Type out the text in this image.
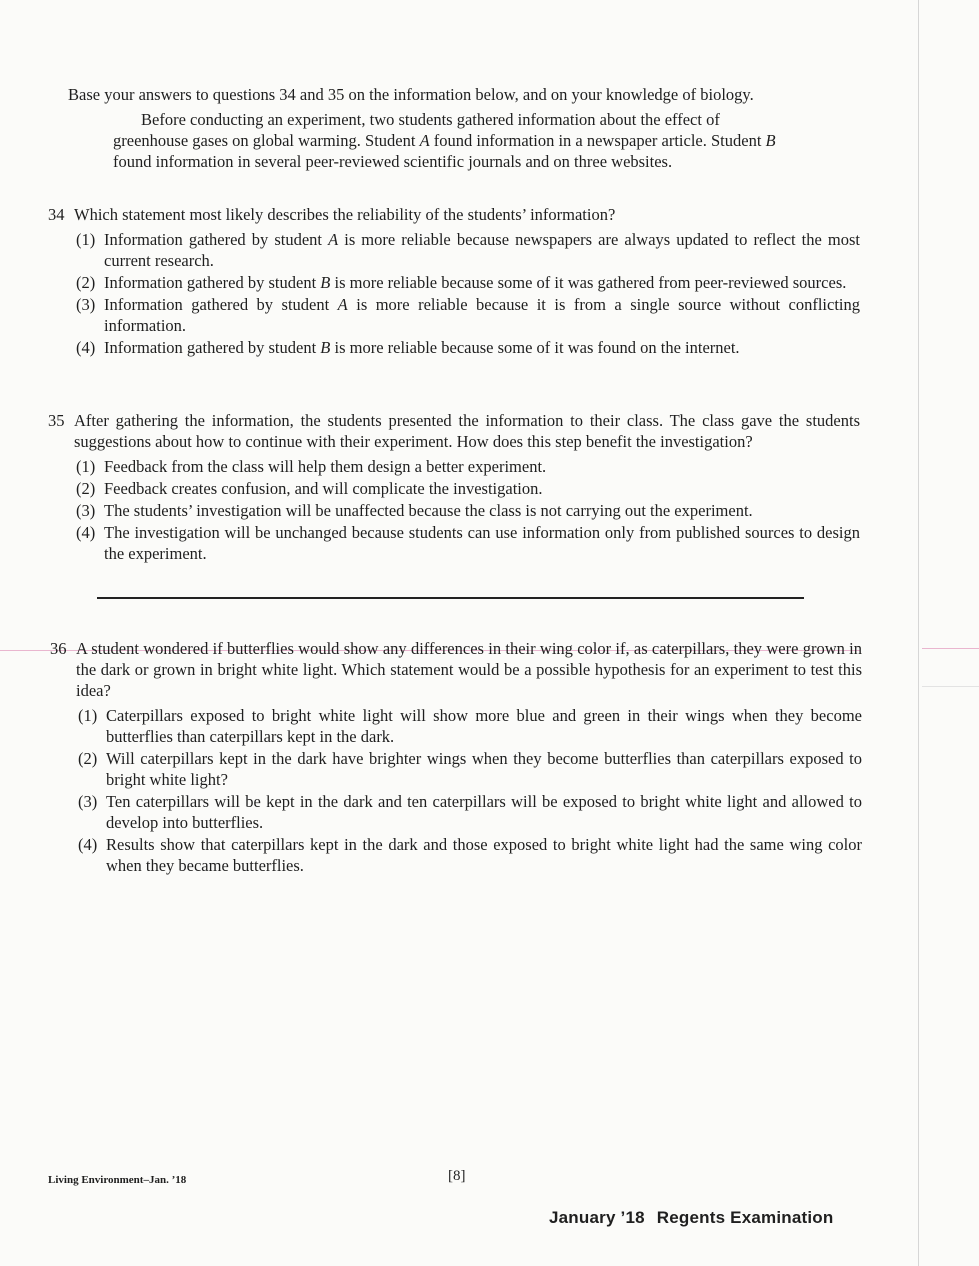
Base your answers to questions 34 and 35 on the information below, and on your knowledge of biology.
Before conducting an experiment, two students gathered information about the effect of greenhouse gases on global warming. Student A found information in a newspaper article. Student B found information in several peer-reviewed scientific journals and on three websites.
34 Which statement most likely describes the reliability of the students’ information?
(1) Information gathered by student A is more reliable because newspapers are always updated to reflect the most current research.
(2) Information gathered by student B is more reliable because some of it was gathered from peer-reviewed sources.
(3) Information gathered by student A is more reliable because it is from a single source without conflicting information.
(4) Information gathered by student B is more reliable because some of it was found on the internet.
35 After gathering the information, the students presented the information to their class. The class gave the students suggestions about how to continue with their experiment. How does this step benefit the investigation?
(1) Feedback from the class will help them design a better experiment.
(2) Feedback creates confusion, and will complicate the investigation.
(3) The students’ investigation will be unaffected because the class is not carrying out the experiment.
(4) The investigation will be unchanged because students can use information only from published sources to design the experiment.
36 A student wondered if butterflies would show any differences in their wing color if, as caterpillars, they were grown in the dark or grown in bright white light. Which statement would be a possible hypothesis for an experiment to test this idea?
(1) Caterpillars exposed to bright white light will show more blue and green in their wings when they become butterflies than caterpillars kept in the dark.
(2) Will caterpillars kept in the dark have brighter wings when they become butterflies than caterpillars exposed to bright white light?
(3) Ten caterpillars will be kept in the dark and ten caterpillars will be exposed to bright white light and allowed to develop into butterflies.
(4) Results show that caterpillars kept in the dark and those exposed to bright white light had the same wing color when they became butterflies.
Living Environment–Jan. ’18	[8]
January ’18 Regents Examination
